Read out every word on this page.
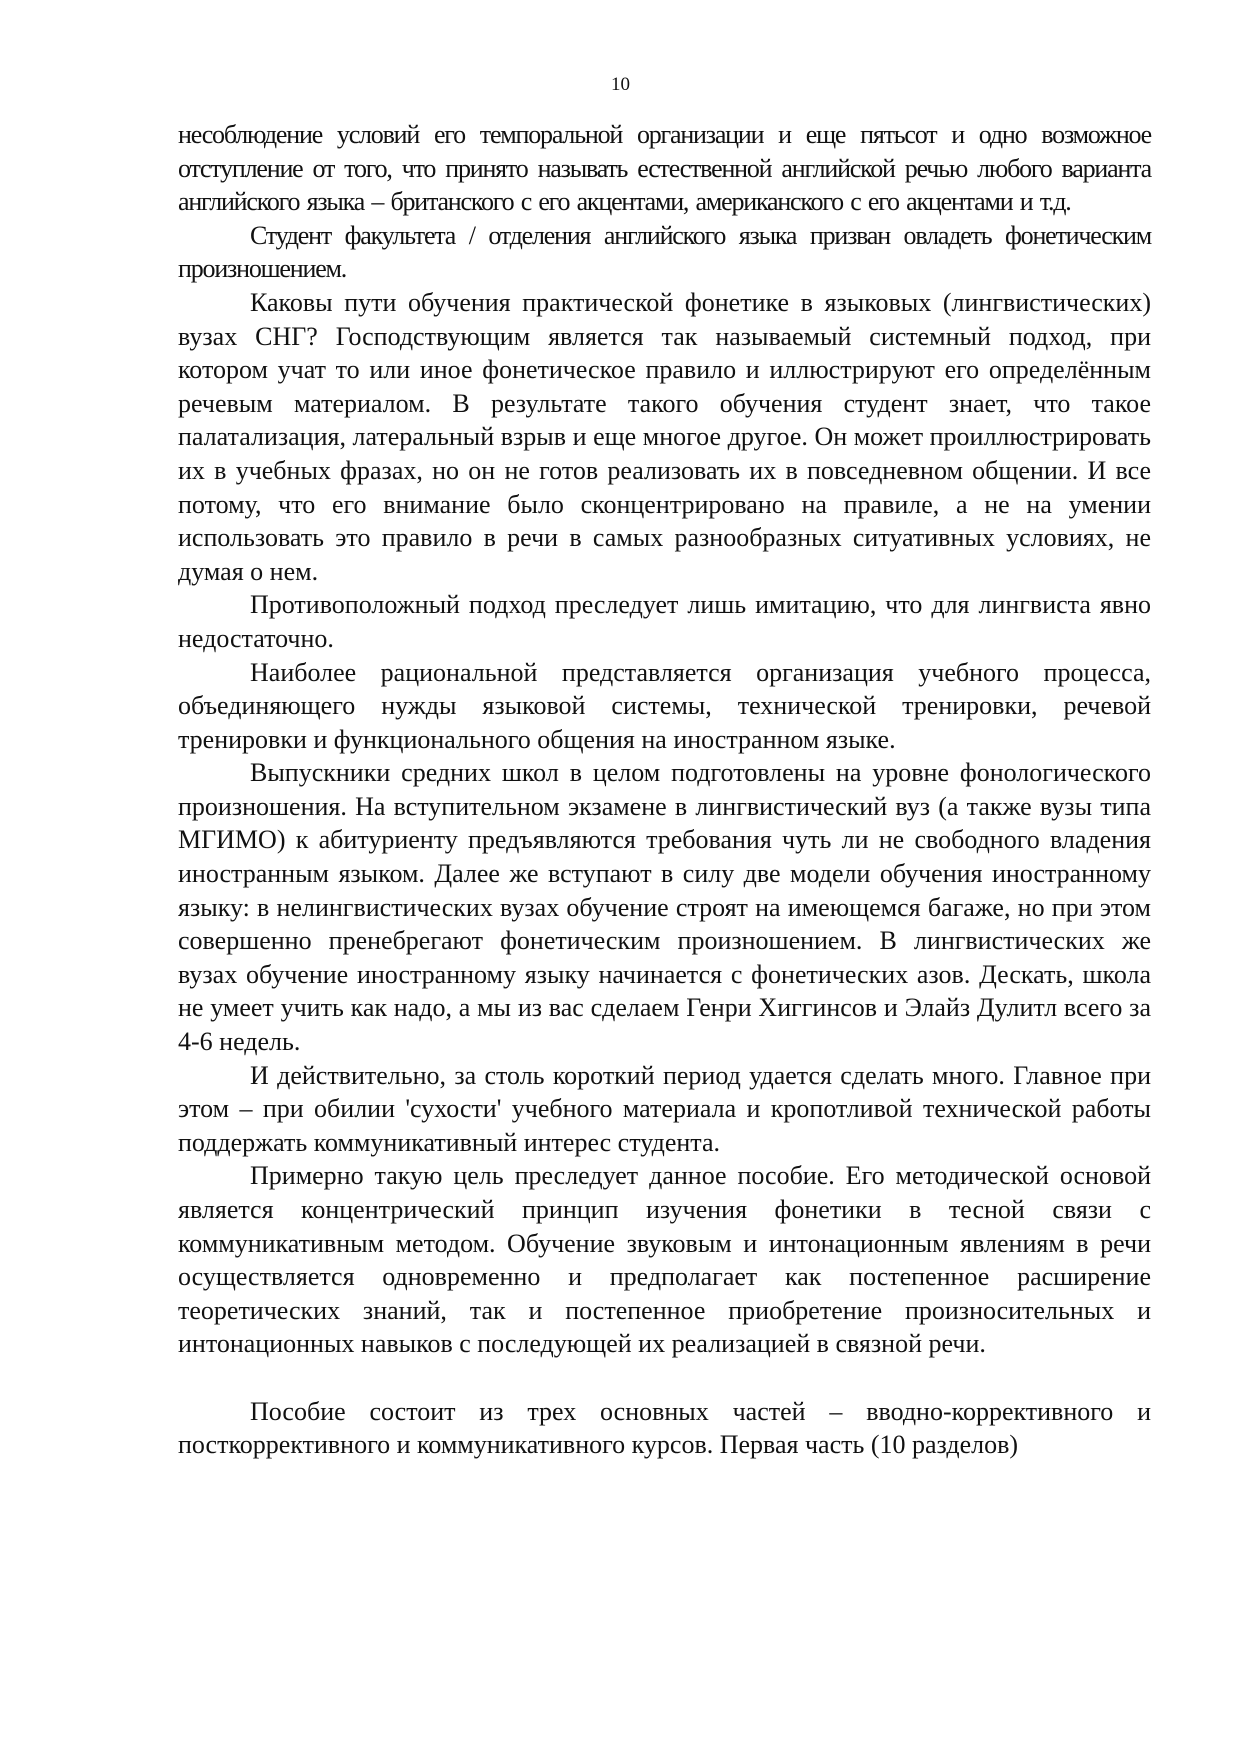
10

несоблюдение условий его темпоральной организации и еще пятьсот и одно возможное отступление от того, что принято называть естественной английской речью любого варианта английского языка – британского с его акцентами, американского с его акцентами и т.д.

Студент факультета / отделения английского языка призван овладеть фонетическим произношением.

Каковы пути обучения практической фонетике в языковых (лингвистических) вузах СНГ? Господствующим является так называемый системный подход, при котором учат то или иное фонетическое правило и иллюстрируют его определённым речевым материалом. В результате такого обучения студент знает, что такое палатализация, латеральный взрыв и еще многое другое. Он может проиллюстрировать их в учебных фразах, но он не готов реализовать их в повседневном общении. И все потому, что его внимание было сконцентрировано на правиле, а не на умении использовать это правило в речи в самых разнообразных ситуативных условиях, не думая о нем.

Противоположный подход преследует лишь имитацию, что для лингвиста явно недостаточно.

Наиболее рациональной представляется организация учебного процесса, объединяющего нужды языковой системы, технической тренировки, речевой тренировки и функционального общения на иностранном языке.

Выпускники средних школ в целом подготовлены на уровне фонологического произношения. На вступительном экзамене в лингвистический вуз (а также вузы типа МГИМО) к абитуриенту предъявляются требования чуть ли не свободного владения иностранным языком. Далее же вступают в силу две модели обучения иностранному языку: в нелингвистических вузах обучение строят на имеющемся багаже, но при этом совершенно пренебрегают фонетическим произношением. В лингвистических же вузах обучение иностранному языку начинается с фонетических азов. Дескать, школа не умеет учить как надо, а мы из вас сделаем Генри Хиггинсов и Элайз Дулитл всего за 4-6 недель.

И действительно, за столь короткий период удается сделать много. Главное при этом – при обилии 'сухости' учебного материала и кропотливой технической работы поддержать коммуникативный интерес студента.

Примерно такую цель преследует данное пособие. Его методической основой является концентрический принцип изучения фонетики в тесной связи с коммуникативным методом. Обучение звуковым и интонационным явлениям в речи осуществляется одновременно и предполагает как постепенное расширение теоретических знаний, так и постепенное приобретение произносительных и интонационных навыков с последующей их реализацией в связной речи.

Пособие состоит из трех основных частей – вводно-коррективного и посткоррективного и коммуникативного курсов. Первая часть (10 разделов)
